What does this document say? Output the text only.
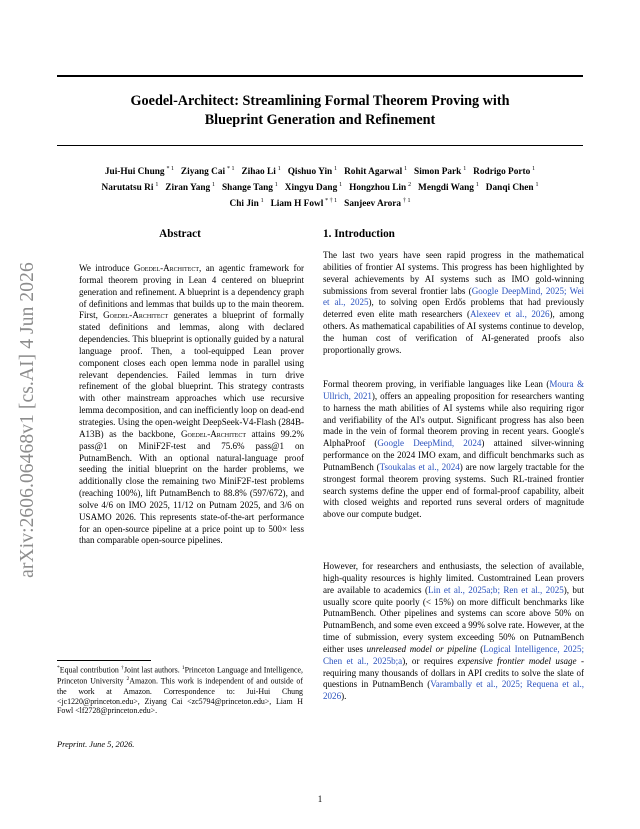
Goedel-Architect: Streamlining Formal Theorem Proving with
Blueprint Generation and Refinement
Jui-Hui Chung  $^{* 1}$ Ziyang Cai  $^{* 1}$ Zihao Li  $^1$ Qishuo Yin  $^1$ Rohit Agarwal  $^1$ Simon Park  $^1$ Rodrigo Porto  $^1$
Narutatsu Ri  $^1$ Ziran Yang  $^1$ Shange Tang  $^1$ Xingyu Dang  $^1$ Hongzhou Lin  $^2$ Mengdi Wang  $^1$ Danqi Chen  $^1$
Chi Jin  $^1$ Liam H Fowl  $^{* \dagger 1}$ Sanjeev Arora  $^{\dagger 1}$
arXiv:2606.06468v1 [cs.AI] 4 Jun 2026
Abstract

We introduce Goedel-Architect, an agentic framework for formal theorem proving in Lean 4 centered on blueprint generation and refinement. A blueprint is a dependency graph of definitions and lemmas that builds up to the main theorem. First, Goedel-Architect generates a blueprint of formally stated definitions and lemmas, along with declared dependencies. This blueprint is optionally guided by a natural language proof. Then, a tool-equipped Lean prover component closes each open lemma node in parallel using relevant dependencies. Failed lemmas in turn drive refinement of the global blueprint. This strategy contrasts with other mainstream approaches which use recursive lemma decomposition, and can inefficiently loop on dead-end strategies. Using the open-weight DeepSeek-V4-Flash (284B-A13B) as the backbone, Goedel-Architect attains 99.2% pass@1 on MiniF2F-test and 75.6% pass@1 on PutnamBench. With an optional natural-language proof seeding the initial blueprint on the harder problems, we additionally close the remaining two MiniF2F-test problems (reaching 100%), lift PutnamBench to 88.8% (597/672), and solve 4/6 on IMO 2025, 11/12 on Putnam 2025, and 3/6 on USAMO 2026. This represents state-of-the-art performance for an open-source pipeline at a price point up to 500× less than comparable open-source pipelines.

1. Introduction

The last two years have seen rapid progress in the mathematical abilities of frontier AI systems. This progress has been highlighted by several achievements by AI systems such as IMO gold-winning submissions from several frontier labs (Google DeepMind, 2025; Wei et al., 2025), to solving open Erdős problems that had previously deterred even elite math researchers (Alexeev et al., 2026), among others. As mathematical capabilities of AI systems continue to develop, the human cost of verification of AI-generated proofs also proportionally grows.

Formal theorem proving, in verifiable languages like Lean (Moura & Ullrich, 2021), offers an appealing proposition for researchers wanting to harness the math abilities of AI systems while also requiring rigor and verifiability of the AI's output. Significant progress has also been made in the vein of formal theorem proving in recent years. Google's AlphaProof (Google DeepMind, 2024) attained silver-winning performance on the 2024 IMO exam, and difficult benchmarks such as PutnamBench (Tsoukalas et al., 2024) are now largely tractable for the strongest formal theorem proving systems. Such RL-trained frontier search systems define the upper end of formal-proof capability, albeit with closed weights and reported runs several orders of magnitude above our compute budget.

However, for researchers and enthusiasts, the selection of available, high-quality resources is highly limited. Customtrained Lean provers are available to academics (Lin et al., 2025a;b; Ren et al., 2025), but usually score quite poorly (< 15%) on more difficult benchmarks like PutnamBench. Other pipelines and systems can score above 50% on PutnamBench, and some even exceed a 99% solve rate. However, at the time of submission, every system exceeding 50% on PutnamBench either uses unreleased model or pipeline (Logical Intelligence, 2025; Chen et al., 2025b;a), or requires expensive frontier model usage - requiring many thousands of dollars in API credits to solve the slate of questions in PutnamBench (Varambally et al., 2025; Requena et al., 2026).

*Equal contribution †Joint last authors. $^1$Princeton Language and Intelligence, Princeton University $^2$Amazon. This work is independent of and outside of the work at Amazon. Correspondence to: Jui-Hui Chung <jc1220@princeton.edu>, Ziyang Cai <zc5794@princeton.edu>, Liam H Fowl <lf2728@princeton.edu>.
Preprint. June 5, 2026.
1
